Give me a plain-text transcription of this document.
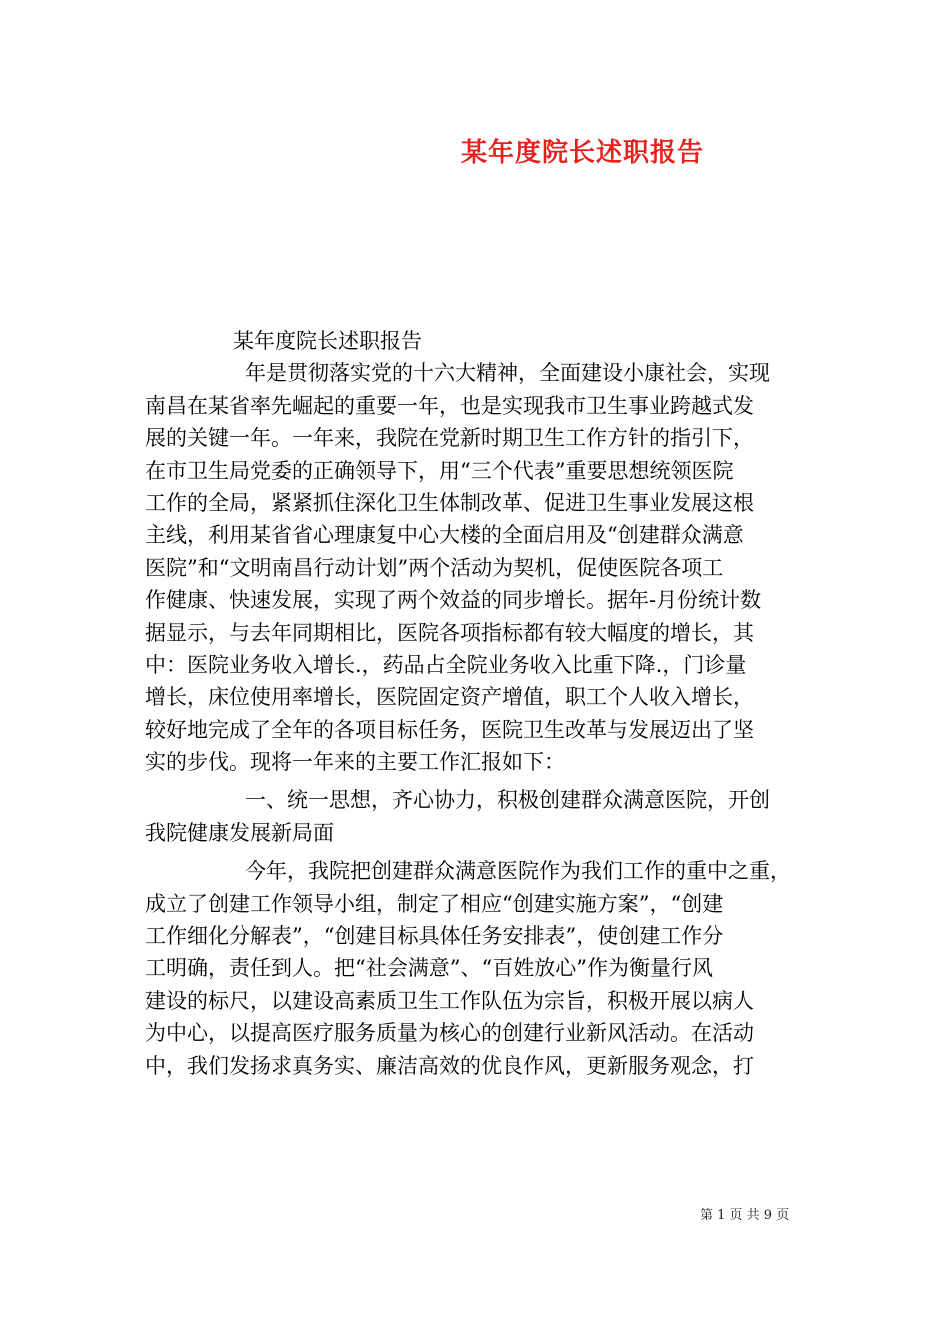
某年度院长述职报告
某年度院长述职报告
年是贯彻落实党的十六大精神，全面建设小康社会，实现
南昌在某省率先崛起的重要一年，也是实现我市卫生事业跨越式发
展的关键一年。一年来，我院在党新时期卫生工作方针的指引下，
在市卫生局党委的正确领导下，用“三个代表”重要思想统领医院
工作的全局，紧紧抓住深化卫生体制改革、促进卫生事业发展这根
主线，利用某省省心理康复中心大楼的全面启用及“创建群众满意
医院”和“文明南昌行动计划”两个活动为契机，促使医院各项工
作健康、快速发展，实现了两个效益的同步增长。据年-月份统计数
据显示，与去年同期相比，医院各项指标都有较大幅度的增长，其
中：医院业务收入增长.，药品占全院业务收入比重下降.，门诊量
增长，床位使用率增长，医院固定资产增值，职工个人收入增长，
较好地完成了全年的各项目标任务，医院卫生改革与发展迈出了坚
实的步伐。现将一年来的主要工作汇报如下：
一、统一思想，齐心协力，积极创建群众满意医院，开创
我院健康发展新局面
今年，我院把创建群众满意医院作为我们工作的重中之重，
成立了创建工作领导小组，制定了相应“创建实施方案”，“创建
工作细化分解表”，“创建目标具体任务安排表”，使创建工作分
工明确，责任到人。把“社会满意”、“百姓放心”作为衡量行风
建设的标尺，以建设高素质卫生工作队伍为宗旨，积极开展以病人
为中心，以提高医疗服务质量为核心的创建行业新风活动。在活动
中，我们发扬求真务实、廉洁高效的优良作风，更新服务观念，打
第 1 页 共 9 页
